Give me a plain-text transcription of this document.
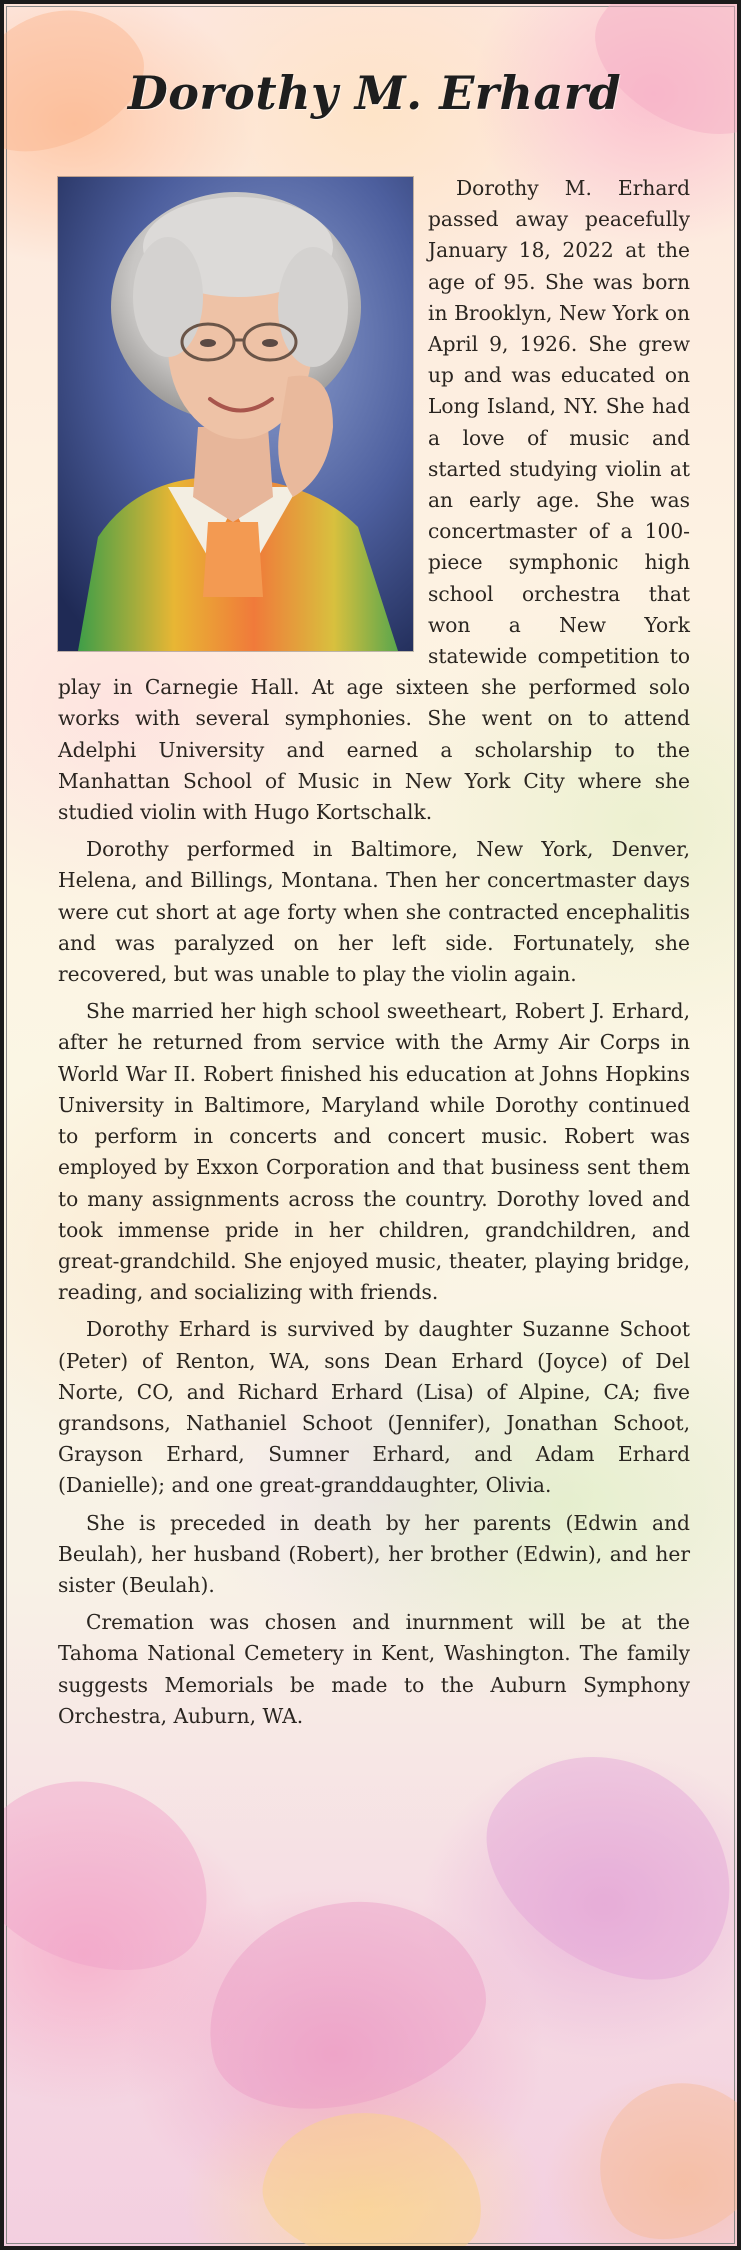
Dorothy M. Erhard

Dorothy M. Erhard passed away peacefully January 18, 2022 at the age of 95. She was born in Brooklyn, New York on April 9, 1926. She grew up and was educated on Long Island, NY. She had a love of music and started studying violin at an early age. She was concertmaster of a 100-piece symphonic high school orchestra that won a New York statewide competition to play in Carnegie Hall. At age sixteen she performed solo works with several symphonies. She went on to attend Adelphi University and earned a scholarship to the Manhattan School of Music in New York City where she studied violin with Hugo Kortschalk.

Dorothy performed in Baltimore, New York, Denver, Helena, and Billings, Montana. Then her concertmaster days were cut short at age forty when she contracted encephalitis and was paralyzed on her left side. Fortunately, she recovered, but was unable to play the violin again.

She married her high school sweetheart, Robert J. Erhard, after he returned from service with the Army Air Corps in World War II. Robert finished his education at Johns Hopkins University in Baltimore, Maryland while Dorothy continued to perform in concerts and concert music. Robert was employed by Exxon Corporation and that business sent them to many assignments across the country. Dorothy loved and took immense pride in her children, grandchildren, and great-grandchild. She enjoyed music, theater, playing bridge, reading, and socializing with friends.

Dorothy Erhard is survived by daughter Suzanne Schoot (Peter) of Renton, WA, sons Dean Erhard (Joyce) of Del Norte, CO, and Richard Erhard (Lisa) of Alpine, CA; five grandsons, Nathaniel Schoot (Jennifer), Jonathan Schoot, Grayson Erhard, Sumner Erhard, and Adam Erhard (Danielle); and one great-granddaughter, Olivia.

She is preceded in death by her parents (Edwin and Beulah), her husband (Robert), her brother (Edwin), and her sister (Beulah).

Cremation was chosen and inurnment will be at the Tahoma National Cemetery in Kent, Washington. The family suggests Memorials be made to the Auburn Symphony Orchestra, Auburn, WA.
